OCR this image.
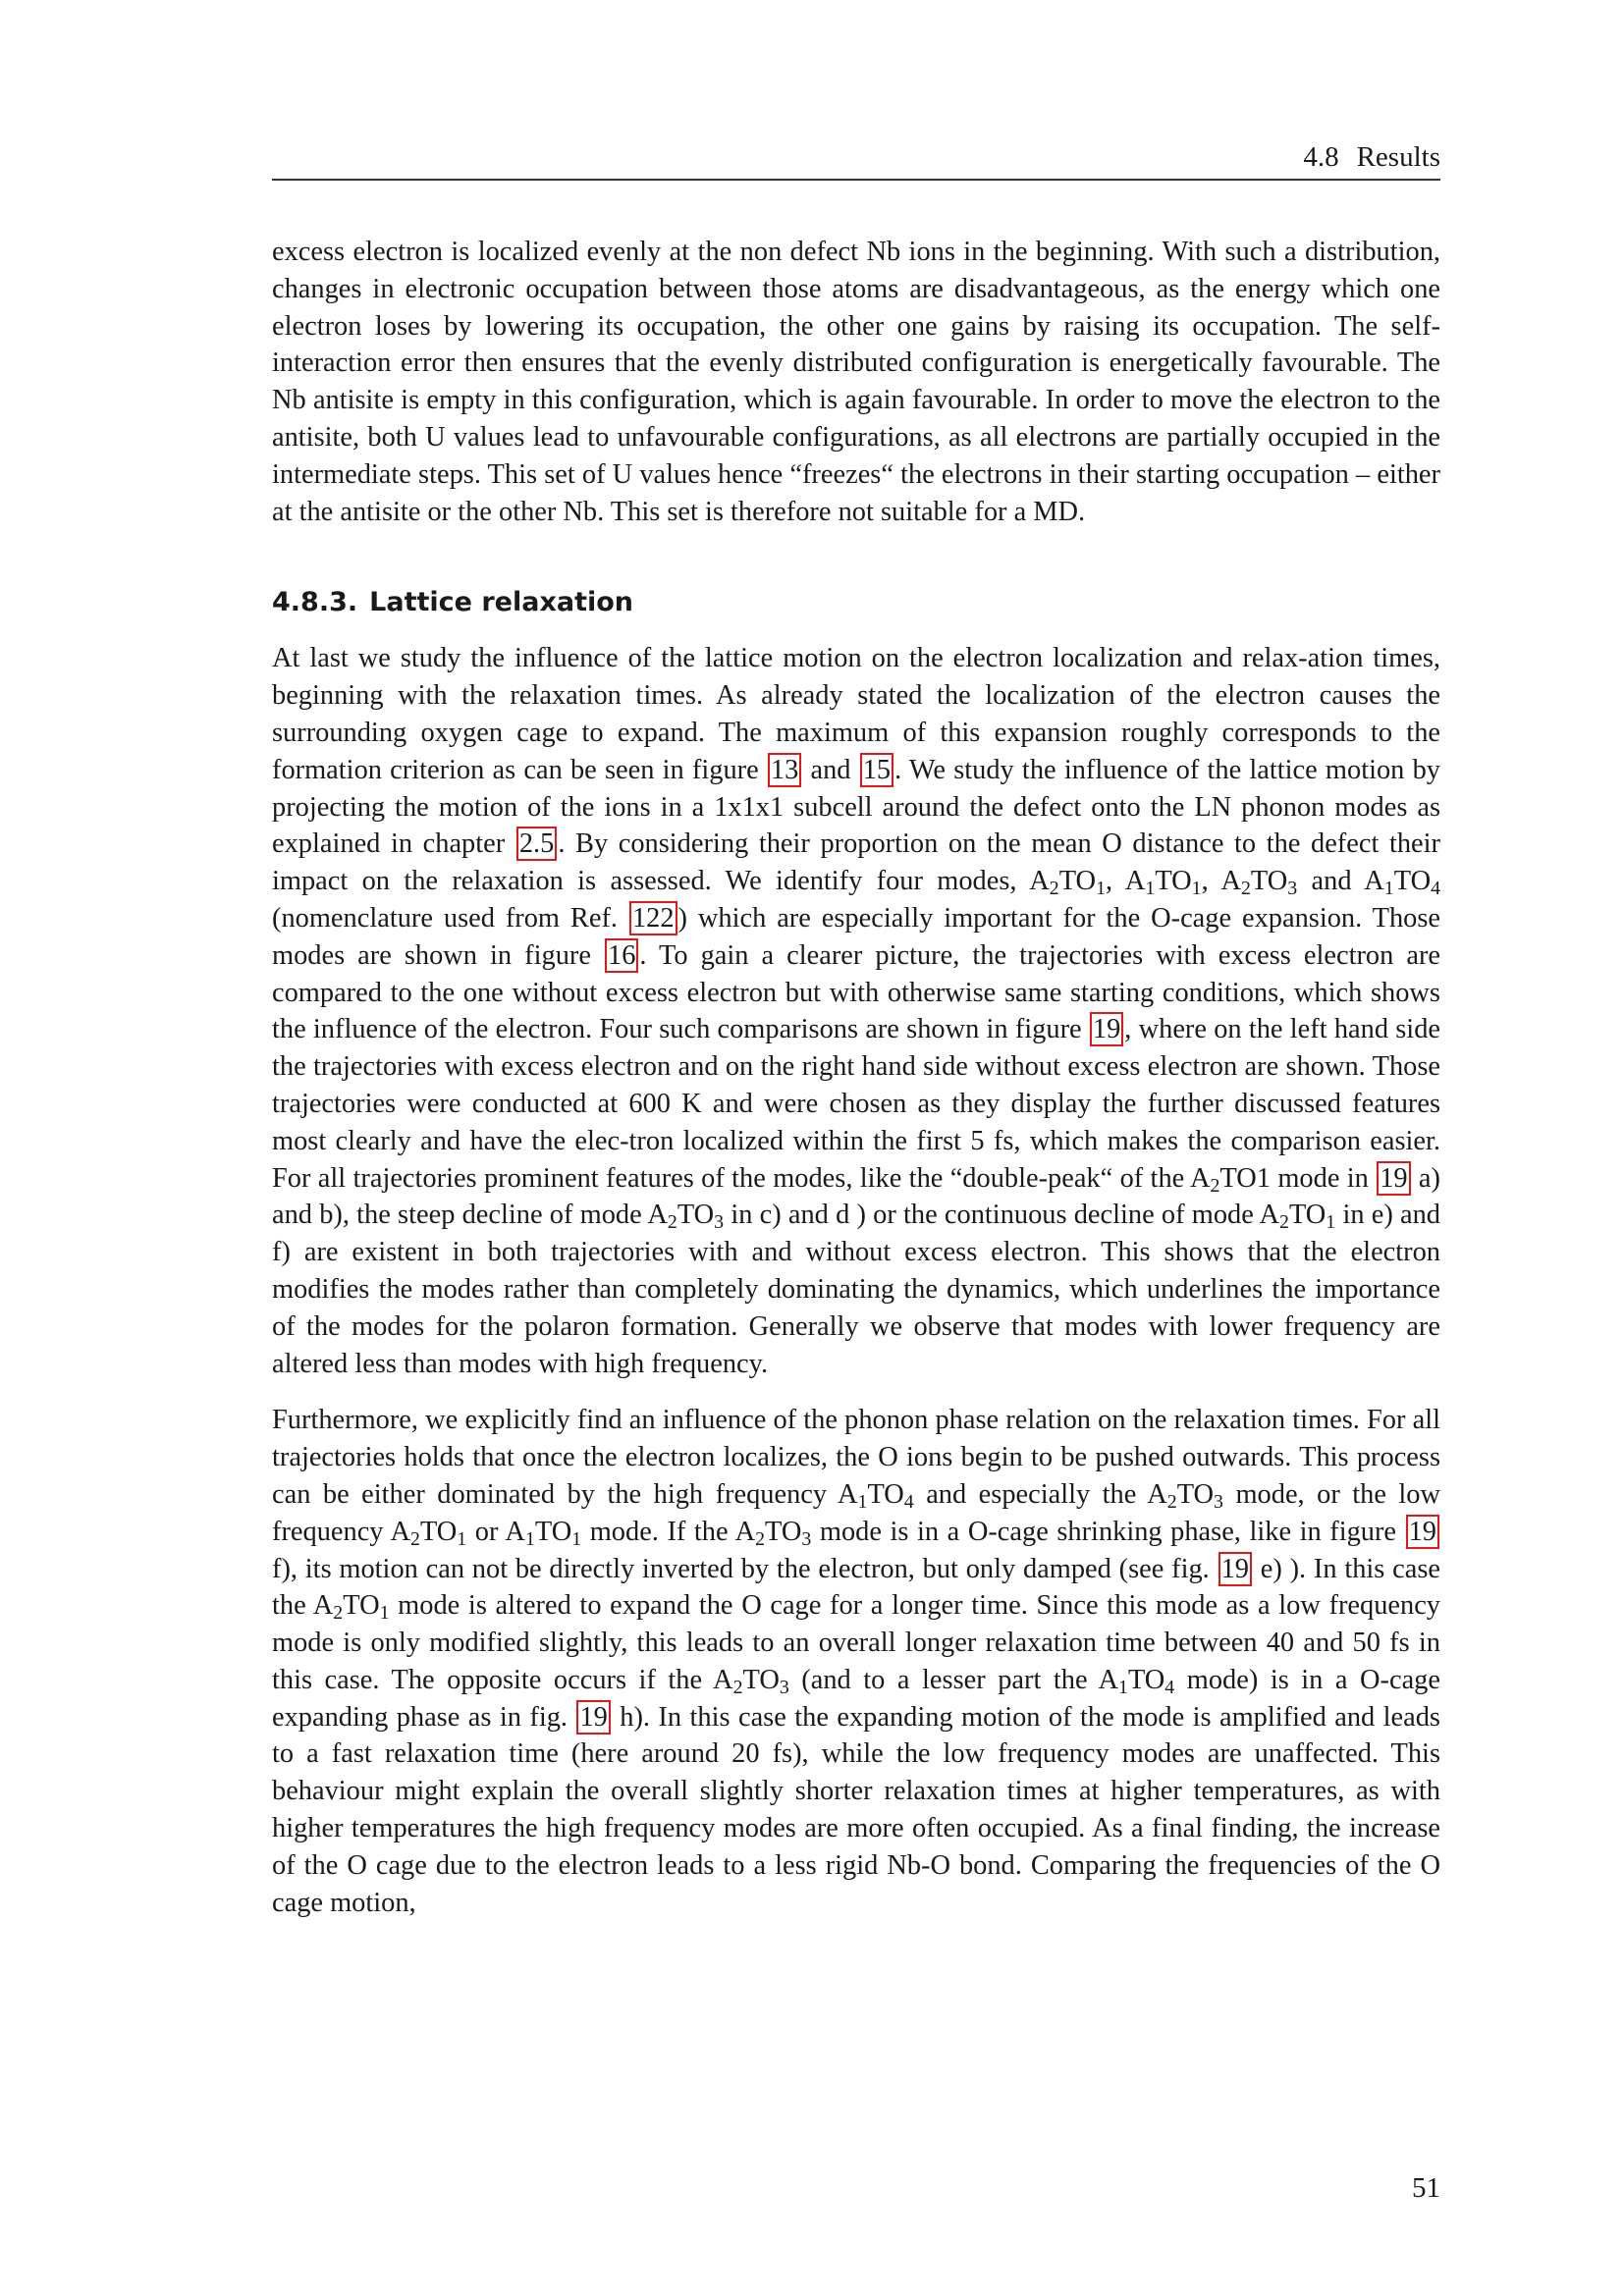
4.8 Results

excess electron is localized evenly at the non defect Nb ions in the beginning. With such a distribution, changes in electronic occupation between those atoms are disadvantageous, as the energy which one electron loses by lowering its occupation, the other one gains by raising its occupation. The self-interaction error then ensures that the evenly distributed configuration is energetically favourable. The Nb antisite is empty in this configuration, which is again favourable. In order to move the electron to the antisite, both U values lead to unfavourable configurations, as all electrons are partially occupied in the intermediate steps. This set of U values hence “freezes“ the electrons in their starting occupation – either at the antisite or the other Nb. This set is therefore not suitable for a MD.

4.8.3. Lattice relaxation

At last we study the influence of the lattice motion on the electron localization and relax-ation times, beginning with the relaxation times. As already stated the localization of the electron causes the surrounding oxygen cage to expand. The maximum of this expansion roughly corresponds to the formation criterion as can be seen in figure 13 and 15 . We study the influence of the lattice motion by projecting the motion of the ions in a 1x1x1 subcell around the defect onto the LN phonon modes as explained in chapter 2.5 . By considering their proportion on the mean O distance to the defect their impact on the relaxation is assessed. We identify four modes, $A_2TO_1$, $A_1TO_1$, $A_2TO_3$ and $A_1TO_4$ (nomenclature used from Ref. 122 ) which are especially important for the O-cage expansion. Those modes are shown in figure 16 . To gain a clearer picture, the trajectories with excess electron are compared to the one without excess electron but with otherwise same starting conditions, which shows the influence of the electron. Four such comparisons are shown in figure 19 , where on the left hand side the trajectories with excess electron and on the right hand side without excess electron are shown. Those trajectories were conducted at 600 K and were chosen as they display the further discussed features most clearly and have the elec-tron localized within the first 5 fs, which makes the comparison easier. For all trajectories prominent features of the modes, like the “double-peak“ of the $A_2TO1$ mode in 19 a) and b), the steep decline of mode $A_2TO_3$ in c) and d ) or the continuous decline of mode $A_2TO_1$ in e) and f) are existent in both trajectories with and without excess electron. This shows that the electron modifies the modes rather than completely dominating the dynamics, which underlines the importance of the modes for the polaron formation. Generally we observe that modes with lower frequency are altered less than modes with high frequency.

Furthermore, we explicitly find an influence of the phonon phase relation on the relaxation times. For all trajectories holds that once the electron localizes, the O ions begin to be pushed outwards. This process can be either dominated by the high frequency $A_1TO_4$ and especially the $A_2TO_3$ mode, or the low frequency $A_2TO_1$ or $A_1TO_1$ mode. If the $A_2TO_3$ mode is in a O-cage shrinking phase, like in figure 19 f), its motion can not be directly inverted by the electron, but only damped (see fig. 19 e) ). In this case the $A_2TO_1$ mode is altered to expand the O cage for a longer time. Since this mode as a low frequency mode is only modified slightly, this leads to an overall longer relaxation time between 40 and 50 fs in this case. The opposite occurs if the $A_2TO_3$ (and to a lesser part the $A_1TO_4$ mode) is in a O-cage expanding phase as in fig. 19 h). In this case the expanding motion of the mode is amplified and leads to a fast relaxation time (here around 20 fs), while the low frequency modes are unaffected. This behaviour might explain the overall slightly shorter relaxation times at higher temperatures, as with higher temperatures the high frequency modes are more often occupied. As a final finding, the increase of the O cage due to the electron leads to a less rigid Nb-O bond. Comparing the frequencies of the O cage motion,

51
